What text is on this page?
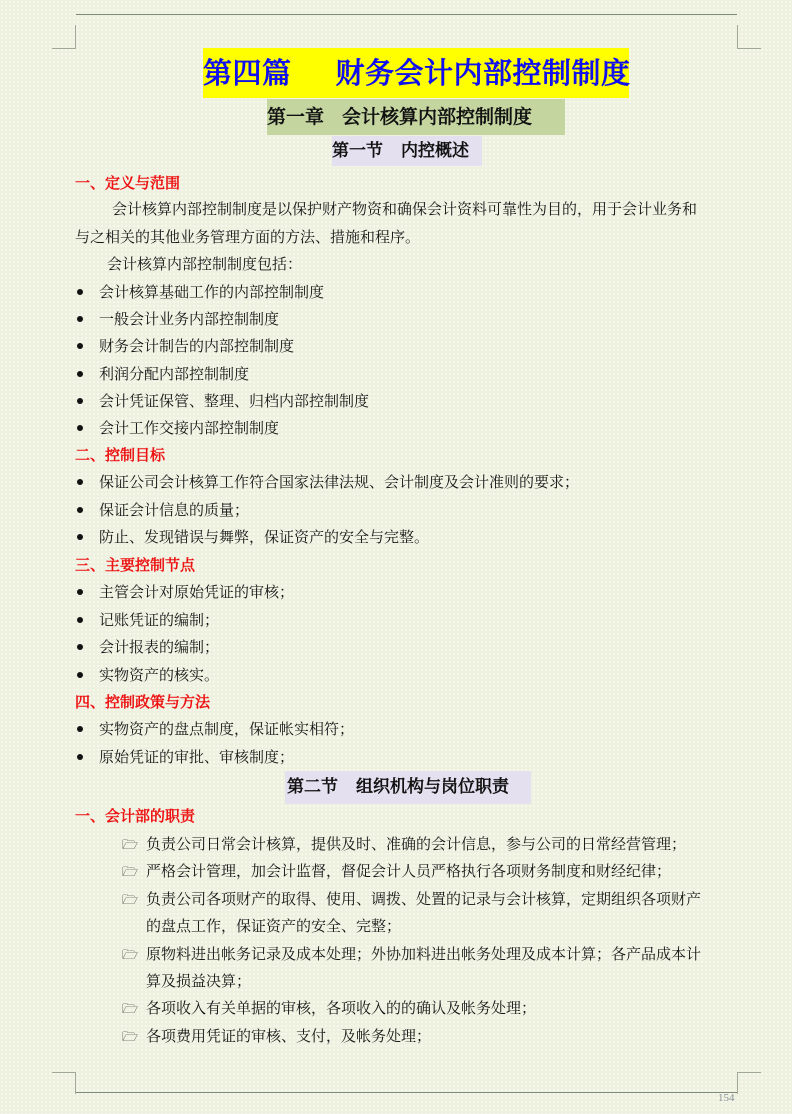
154
第四篇 财务会计内部控制制度
第一章 会计核算内部控制制度
第一节 内控概述
一、定义与范围
会计核算内部控制制度是以保护财产物资和确保会计资料可靠性为目的，用于会计业务和
与之相关的其他业务管理方面的方法、措施和程序。
会计核算内部控制制度包括：
会计核算基础工作的内部控制制度
一般会计业务内部控制制度
财务会计制告的内部控制制度
利润分配内部控制制度
会计凭证保管、整理、归档内部控制制度
会计工作交接内部控制制度
二、控制目标
保证公司会计核算工作符合国家法律法规、会计制度及会计准则的要求；
保证会计信息的质量；
防止、发现错误与舞弊，保证资产的安全与完整。
三、主要控制节点
主管会计对原始凭证的审核；
记账凭证的编制；
会计报表的编制；
实物资产的核实。
四、控制政策与方法
实物资产的盘点制度，保证帐实相符；
原始凭证的审批、审核制度；
第二节 组织机构与岗位职责
一、会计部的职责
🗁 负责公司日常会计核算，提供及时、准确的会计信息，参与公司的日常经营管理；
🗁 严格会计管理，加会计监督，督促会计人员严格执行各项财务制度和财经纪律；
🗁 负责公司各项财产的取得、使用、调拨、处置的记录与会计核算，定期组织各项财产
的盘点工作，保证资产的安全、完整；
🗁 原物料进出帐务记录及成本处理；外协加料进出帐务处理及成本计算；各产品成本计
算及损益决算；
🗁 各项收入有关单据的审核，各项收入的的确认及帐务处理；
🗁 各项费用凭证的审核、支付，及帐务处理；
